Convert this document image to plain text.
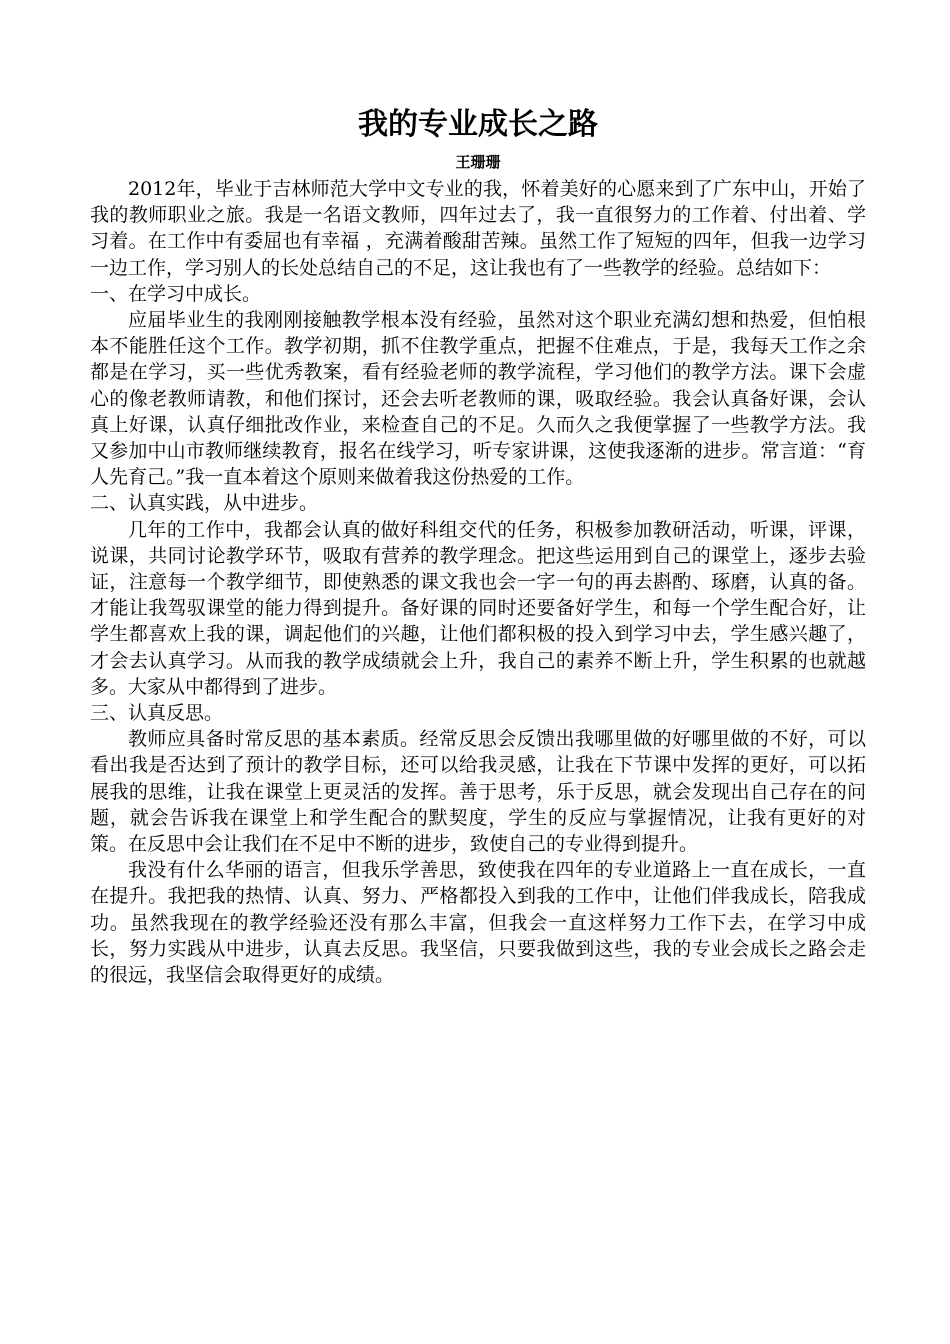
我的专业成长之路

王珊珊

2012年，毕业于吉林师范大学中文专业的我，怀着美好的心愿来到了广东中山，开始了我的教师职业之旅。我是一名语文教师，四年过去了，我一直很努力的工作着、付出着、学习着。在工作中有委屈也有幸福 ，充满着酸甜苦辣。虽然工作了短短的四年，但我一边学习一边工作，学习别人的长处总结自己的不足，这让我也有了一些教学的经验。总结如下：

一、在学习中成长。

应届毕业生的我刚刚接触教学根本没有经验，虽然对这个职业充满幻想和热爱，但怕根本不能胜任这个工作。教学初期，抓不住教学重点，把握不住难点，于是，我每天工作之余都是在学习，买一些优秀教案，看有经验老师的教学流程，学习他们的教学方法。课下会虚心的像老教师请教，和他们探讨，还会去听老教师的课，吸取经验。我会认真备好课，会认真上好课，认真仔细批改作业，来检查自己的不足。久而久之我便掌握了一些教学方法。我又参加中山市教师继续教育，报名在线学习，听专家讲课，这使我逐渐的进步。常言道：“育人先育己。”我一直本着这个原则来做着我这份热爱的工作。

二、认真实践，从中进步。

几年的工作中，我都会认真的做好科组交代的任务，积极参加教研活动，听课，评课，说课，共同讨论教学环节，吸取有营养的教学理念。把这些运用到自己的课堂上，逐步去验证，注意每一个教学细节，即使熟悉的课文我也会一字一句的再去斟酌、琢磨，认真的备。才能让我驾驭课堂的能力得到提升。备好课的同时还要备好学生，和每一个学生配合好，让学生都喜欢上我的课，调起他们的兴趣，让他们都积极的投入到学习中去，学生感兴趣了，才会去认真学习。从而我的教学成绩就会上升，我自己的素养不断上升，学生积累的也就越多。大家从中都得到了进步。

三、认真反思。

教师应具备时常反思的基本素质。经常反思会反馈出我哪里做的好哪里做的不好，可以看出我是否达到了预计的教学目标，还可以给我灵感，让我在下节课中发挥的更好，可以拓展我的思维，让我在课堂上更灵活的发挥。善于思考，乐于反思，就会发现出自己存在的问题，就会告诉我在课堂上和学生配合的默契度，学生的反应与掌握情况，让我有更好的对策。在反思中会让我们在不足中不断的进步，致使自己的专业得到提升。

我没有什么华丽的语言，但我乐学善思，致使我在四年的专业道路上一直在成长，一直在提升。我把我的热情、认真、努力、严格都投入到我的工作中，让他们伴我成长，陪我成功。虽然我现在的教学经验还没有那么丰富，但我会一直这样努力工作下去，在学习中成长，努力实践从中进步，认真去反思。我坚信，只要我做到这些，我的专业会成长之路会走的很远，我坚信会取得更好的成绩。
